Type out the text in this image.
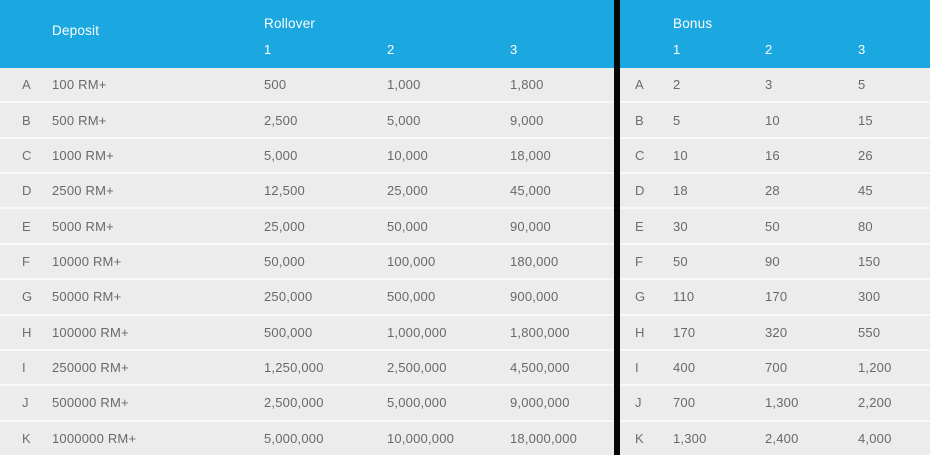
Deposit	Rollover
1	2	3
A	100 RM+	500	1,000	1,800
B	500 RM+	2,500	5,000	9,000
C	1000 RM+	5,000	10,000	18,000
D	2500 RM+	12,500	25,000	45,000
E	5000 RM+	25,000	50,000	90,000
F	10000 RM+	50,000	100,000	180,000
G	50000 RM+	250,000	500,000	900,000
H	100000 RM+	500,000	1,000,000	1,800,000
I	250000 RM+	1,250,000	2,500,000	4,500,000
J	500000 RM+	2,500,000	5,000,000	9,000,000
K	1000000 RM+	5,000,000	10,000,000	18,000,000
Bonus
1	2	3
A	2	3	5
B	5	10	15
C	10	16	26
D	18	28	45
E	30	50	80
F	50	90	150
G	110	170	300
H	170	320	550
I	400	700	1,200
J	700	1,300	2,200
K	1,300	2,400	4,000
